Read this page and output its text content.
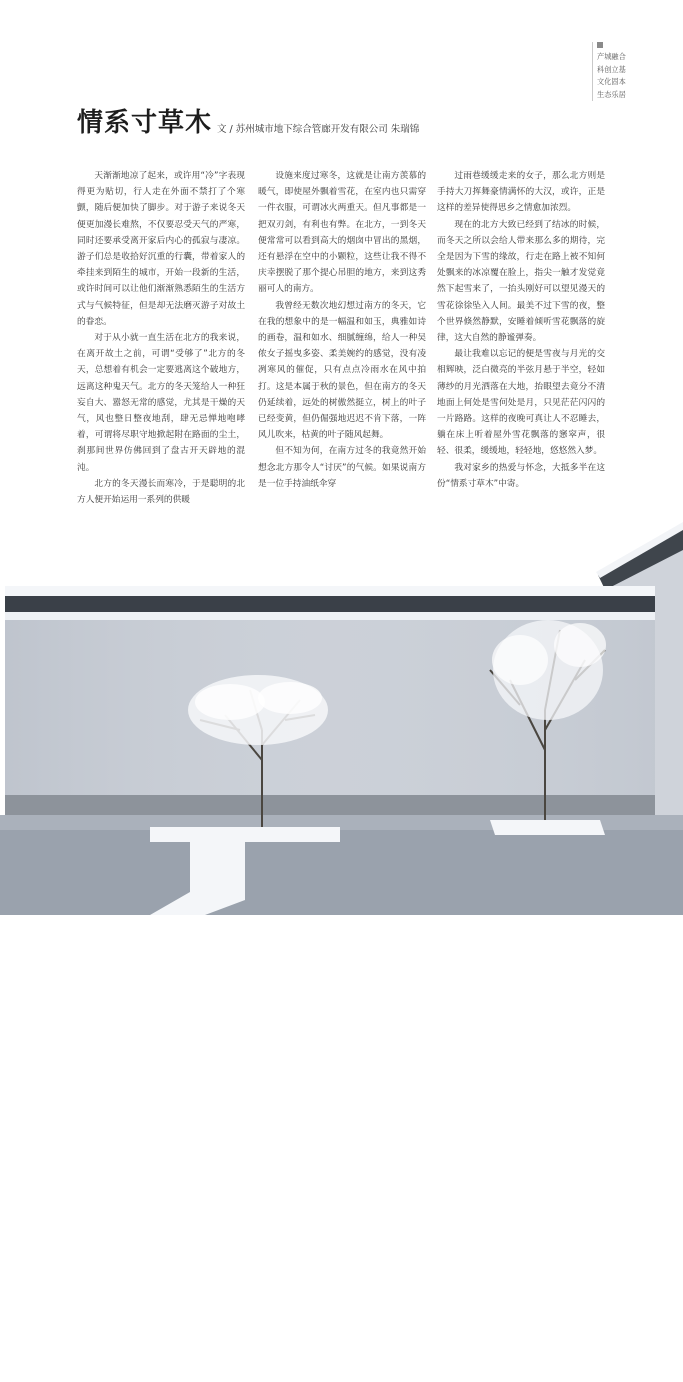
产城融合
科创立基
文化固本
生态乐居
情系寸草木 文 / 苏州城市地下综合管廊开发有限公司 朱瑞锦

天渐渐地凉了起来，或许用“冷”字表现得更为贴切，行人走在外面不禁打了个寒颤，随后便加快了脚步。对于游子来说冬天便更加漫长难熬，不仅要忍受天气的严寒，同时还要承受离开家后内心的孤寂与凄凉。游子们总是收拾好沉重的行囊，带着家人的牵挂来到陌生的城市，开始一段新的生活，或许时间可以让他们渐渐熟悉陌生的生活方式与气候特征，但是却无法磨灭游子对故土的眷恋。

对于从小就一直生活在北方的我来说，在离开故土之前，可谓“受够了”北方的冬天，总想着有机会一定要逃离这个破地方，远离这种鬼天气。北方的冬天笼给人一种狂妄自大、嚣怒无常的感觉，尤其是干燥的天气，风也整日整夜地刮，肆无忌惮地咆哮着，可谓将尽职守地掀起附在路面的尘土，刹那间世界仿佛回到了盘古开天辟地的混沌。

北方的冬天漫长而寒冷，于是聪明的北方人便开始运用一系列的供暖

设施来度过寒冬，这就是让南方羡慕的暖气，即使屋外飘着雪花，在室内也只需穿一件衣服，可谓冰火两重天。但凡事都是一把双刃剑，有利也有弊。在北方，一到冬天便常常可以看到高大的烟囱中冒出的黑烟，还有悬浮在空中的小颗粒，这些让我不得不庆幸摆脱了那个提心吊胆的地方，来到这秀丽可人的南方。

我曾经无数次地幻想过南方的冬天，它在我的想象中的是一幅温和如玉，典雅如诗的画卷，温和如水、细腻缠绵，给人一种吴侬女子摇曳多姿、柔美婉约的感觉，没有凌冽寒风的催促，只有点点冷雨水在风中拍打。这是本属于秋的景色，但在南方的冬天仍延续着，远处的树傲然挺立，树上的叶子已经变黄，但仍倔强地迟迟不肯下落，一阵风儿吹来，枯黄的叶子随风起舞。

但不知为何，在南方过冬的我竟然开始想念北方那令人“讨厌”的气候。如果说南方是一位手持油纸伞穿

过雨巷缓缓走来的女子，那么北方则是手持大刀挥舞豪情满怀的大汉，或许，正是这样的差异使得思乡之情愈加浓烈。

现在的北方大致已经到了结冰的时候，而冬天之所以会给人带来那么多的期待，完全是因为下雪的缘故，行走在路上被不知何处飘来的冰凉覆在脸上，指尖一触才发觉竟然下起雪来了，一抬头刚好可以望见漫天的雪花徐徐坠入人间。最美不过下雪的夜，整个世界倏然静默，安睡着倾听雪花飘落的旋律，这大自然的静谧弹奏。

最让我难以忘记的便是雪夜与月光的交相辉映，泛白微亮的半弦月悬于半空，轻如薄纱的月光洒落在大地，抬眼望去竟分不清地面上何处是雪何处是月，只见茫茫闪闪的一片路路。这样的夜晚可真让人不忍睡去，躺在床上听着屋外雪花飘落的窸窣声，很轻、很柔，缓缓地，轻轻地，悠悠然入梦。

我对家乡的热爱与怀念，大抵多半在这份“情系寸草木”中寄。

SUZHOU URBAN CONSTRUCTION & INVESTMENT 61
